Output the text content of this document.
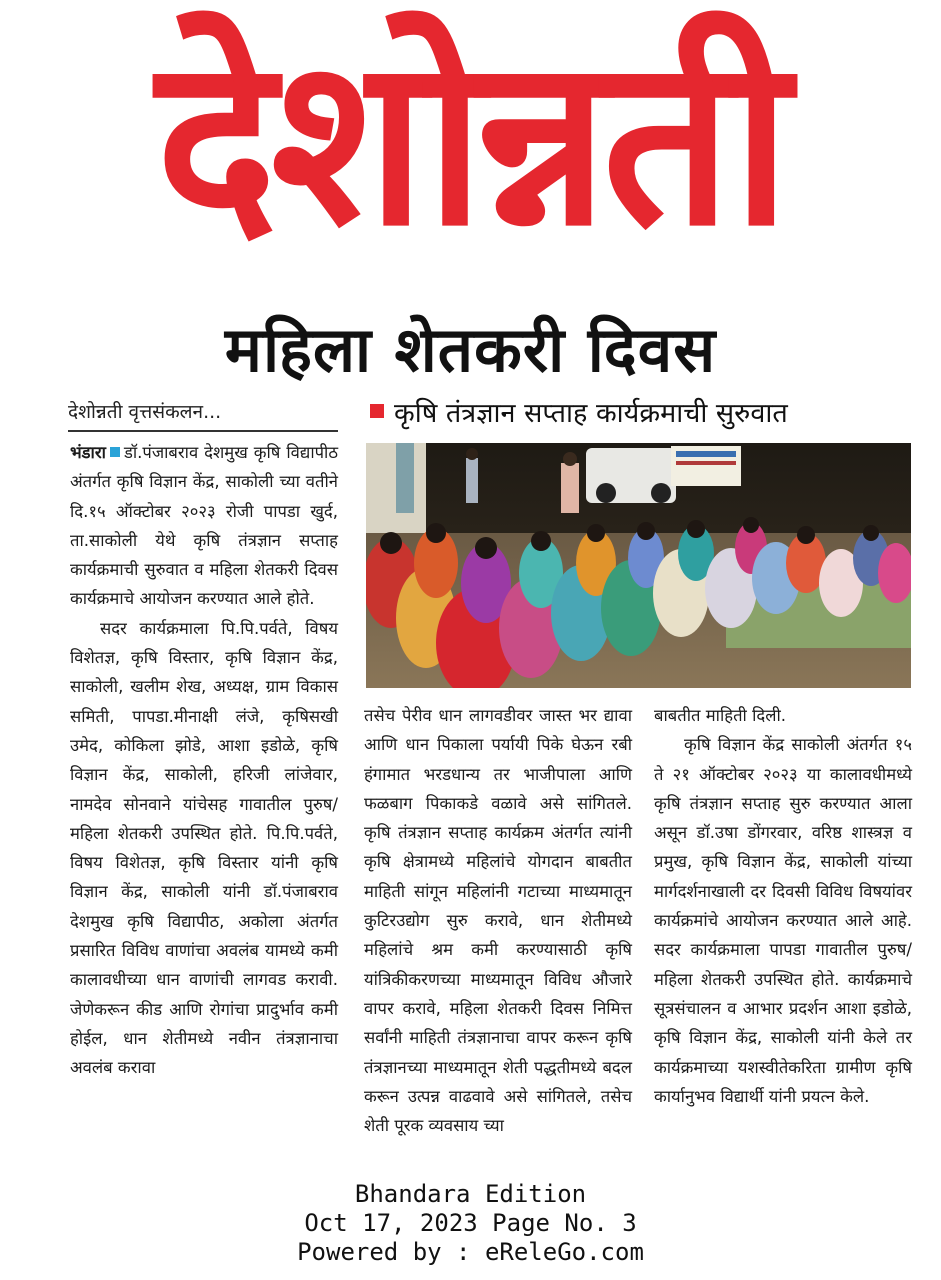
देशोन्नती
महिला शेतकरी दिवस
देशोन्नती वृत्तसंकलन...	कृषि तंत्रज्ञान सप्ताह कार्यक्रमाची सुरुवात

भंडारा डॉ.पंजाबराव देशमुख कृषि विद्यापीठ अंतर्गत कृषि विज्ञान केंद्र, साकोली च्या वतीने दि.१५ ऑक्टोबर २०२३ रोजी पापडा खुर्द, ता.साकोली येथे कृषि तंत्रज्ञान सप्ताह कार्यक्रमाची सुरुवात व महिला शेतकरी दिवस कार्यक्रमाचे आयोजन करण्यात आले होते.

सदर कार्यक्रमाला पि.पि.पर्वते, विषय विशेतज्ञ, कृषि विस्तार, कृषि विज्ञान केंद्र, साकोली, खलीम शेख, अध्यक्ष, ग्राम विकास समिती, पापडा.मीनाक्षी लंजे, कृषिसखी उमेद, कोकिला झोडे, आशा इडोळे, कृषि विज्ञान केंद्र, साकोली, हरिजी लांजेवार, नामदेव सोनवाने यांचेसह गावातील पुरुष/महिला शेतकरी उपस्थित होते. पि.पि.पर्वते, विषय विशेतज्ञ, कृषि विस्तार यांनी कृषि विज्ञान केंद्र, साकोली यांनी डॉ.पंजाबराव देशमुख कृषि विद्यापीठ, अकोला अंतर्गत प्रसारित विविध वाणांचा अवलंब यामध्ये कमी कालावधीच्या धान वाणांची लागवड करावी. जेणेकरून कीड आणि रोगांचा प्रादुर्भाव कमी होईल, धान शेतीमध्ये नवीन तंत्रज्ञानाचा अवलंब करावा

तसेच पेरीव धान लागवडीवर जास्त भर द्यावा आणि धान पिकाला पर्यायी पिके घेऊन रबी हंगामात भरडधान्य तर भाजीपाला आणि फळबाग पिकाकडे वळावे असे सांगितले. कृषि तंत्रज्ञान सप्ताह कार्यक्रम अंतर्गत त्यांनी कृषि क्षेत्रामध्ये महिलांचे योगदान बाबतीत माहिती सांगून महिलांनी गटाच्या माध्यमातून कुटिरउद्योग सुरु करावे, धान शेतीमध्ये महिलांचे श्रम कमी करण्यासाठी कृषि यांत्रिकीकरणच्या माध्यमातून विविध औजारे वापर करावे, महिला शेतकरी दिवस निमित्त सर्वांनी माहिती तंत्रज्ञानाचा वापर करून कृषि तंत्रज्ञानच्या माध्यमातून शेती पद्धतीमध्ये बदल करून उत्पन्न वाढवावे असे सांगितले, तसेच शेती पूरक व्यवसाय च्या

बाबतीत माहिती दिली.

कृषि विज्ञान केंद्र साकोली अंतर्गत १५ ते २१ ऑक्टोबर २०२३ या कालावधीमध्ये कृषि तंत्रज्ञान सप्ताह सुरु करण्यात आला असून डॉ.उषा डोंगरवार, वरिष्ठ शास्त्रज्ञ व प्रमुख, कृषि विज्ञान केंद्र, साकोली यांच्या मार्गदर्शनाखाली दर दिवसी विविध विषयांवर कार्यक्रमांचे आयोजन करण्यात आले आहे. सदर कार्यक्रमाला पापडा गावातील पुरुष/महिला शेतकरी उपस्थित होते. कार्यक्रमाचे सूत्रसंचालन व आभार प्रदर्शन आशा इडोळे, कृषि विज्ञान केंद्र, साकोली यांनी केले तर कार्यक्रमाच्या यशस्वीतेकरिता ग्रामीण कृषि कार्यानुभव विद्यार्थी यांनी प्रयत्न केले.

Bhandara Edition
Oct 17, 2023 Page No. 3
Powered by : eReleGo.com
